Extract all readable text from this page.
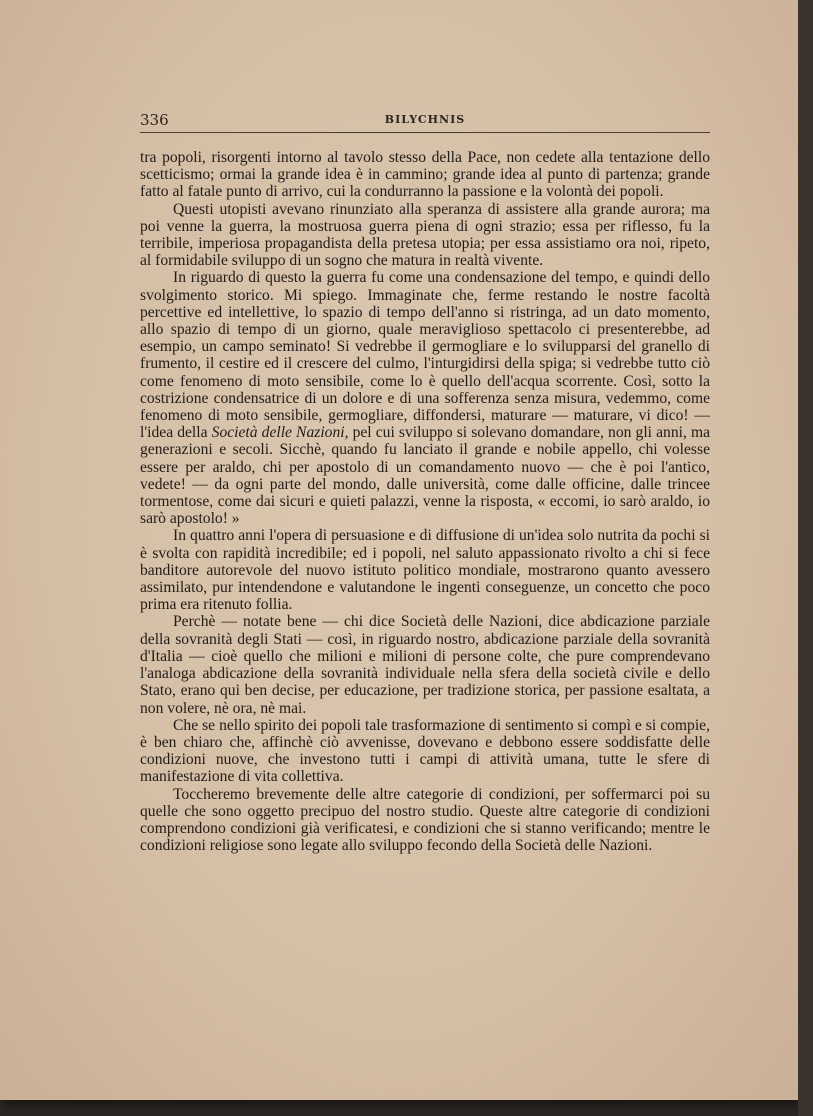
336	BILYCHNIS

tra popoli, risorgenti intorno al tavolo stesso della Pace, non cedete alla tentazione dello scetticismo; ormai la grande idea è in cammino; grande idea al punto di partenza; grande fatto al fatale punto di arrivo, cui la condurranno la passione e la volontà dei popoli.

Questi utopisti avevano rinunziato alla speranza di assistere alla grande aurora; ma poi venne la guerra, la mostruosa guerra piena di ogni strazio; essa per riflesso, fu la terribile, imperiosa propagandista della pretesa utopia; per essa assistiamo ora noi, ripeto, al formidabile sviluppo di un sogno che matura in realtà vivente.

In riguardo di questo la guerra fu come una condensazione del tempo, e quindi dello svolgimento storico. Mi spiego. Immaginate che, ferme restando le nostre facoltà percettive ed intellettive, lo spazio di tempo dell'anno si ristringa, ad un dato momento, allo spazio di tempo di un giorno, quale meraviglioso spettacolo ci presenterebbe, ad esempio, un campo seminato! Si vedrebbe il germogliare e lo svilupparsi del granello di frumento, il cestire ed il crescere del culmo, l'inturgidirsi della spiga; si vedrebbe tutto ciò come fenomeno di moto sensibile, come lo è quello dell'acqua scorrente. Così, sotto la costrizione condensatrice di un dolore e di una sofferenza senza misura, vedemmo, come fenomeno di moto sensibile, germogliare, diffondersi, maturare — maturare, vi dico! — l'idea della Società delle Nazioni, pel cui sviluppo si solevano domandare, non gli anni, ma generazioni e secoli. Sicchè, quando fu lanciato il grande e nobile appello, chi volesse essere per araldo, chi per apostolo di un comandamento nuovo — che è poi l'antico, vedete! — da ogni parte del mondo, dalle università, come dalle officine, dalle trincee tormentose, come dai sicuri e quieti palazzi, venne la risposta, « eccomi, io sarò araldo, io sarò apostolo! »

In quattro anni l'opera di persuasione e di diffusione di un'idea solo nutrita da pochi si è svolta con rapidità incredibile; ed i popoli, nel saluto appassionato rivolto a chi si fece banditore autorevole del nuovo istituto politico mondiale, mostrarono quanto avessero assimilato, pur intendendone e valutandone le ingenti conseguenze, un concetto che poco prima era ritenuto follia.

Perchè — notate bene — chi dice Società delle Nazioni, dice abdicazione parziale della sovranità degli Stati — così, in riguardo nostro, abdicazione parziale della sovranità d'Italia — cioè quello che milioni e milioni di persone colte, che pure comprendevano l'analoga abdicazione della sovranità individuale nella sfera della società civile e dello Stato, erano qui ben decise, per educazione, per tradizione storica, per passione esaltata, a non volere, nè ora, nè mai.

Che se nello spirito dei popoli tale trasformazione di sentimento si compì e si compie, è ben chiaro che, affinchè ciò avvenisse, dovevano e debbono essere soddisfatte delle condizioni nuove, che investono tutti i campi di attività umana, tutte le sfere di manifestazione di vita collettiva.

Toccheremo brevemente delle altre categorie di condizioni, per soffermarci poi su quelle che sono oggetto precipuo del nostro studio. Queste altre categorie di condizioni comprendono condizioni già verificatesi, e condizioni che si stanno verificando; mentre le condizioni religiose sono legate allo sviluppo fecondo della Società delle Nazioni.
